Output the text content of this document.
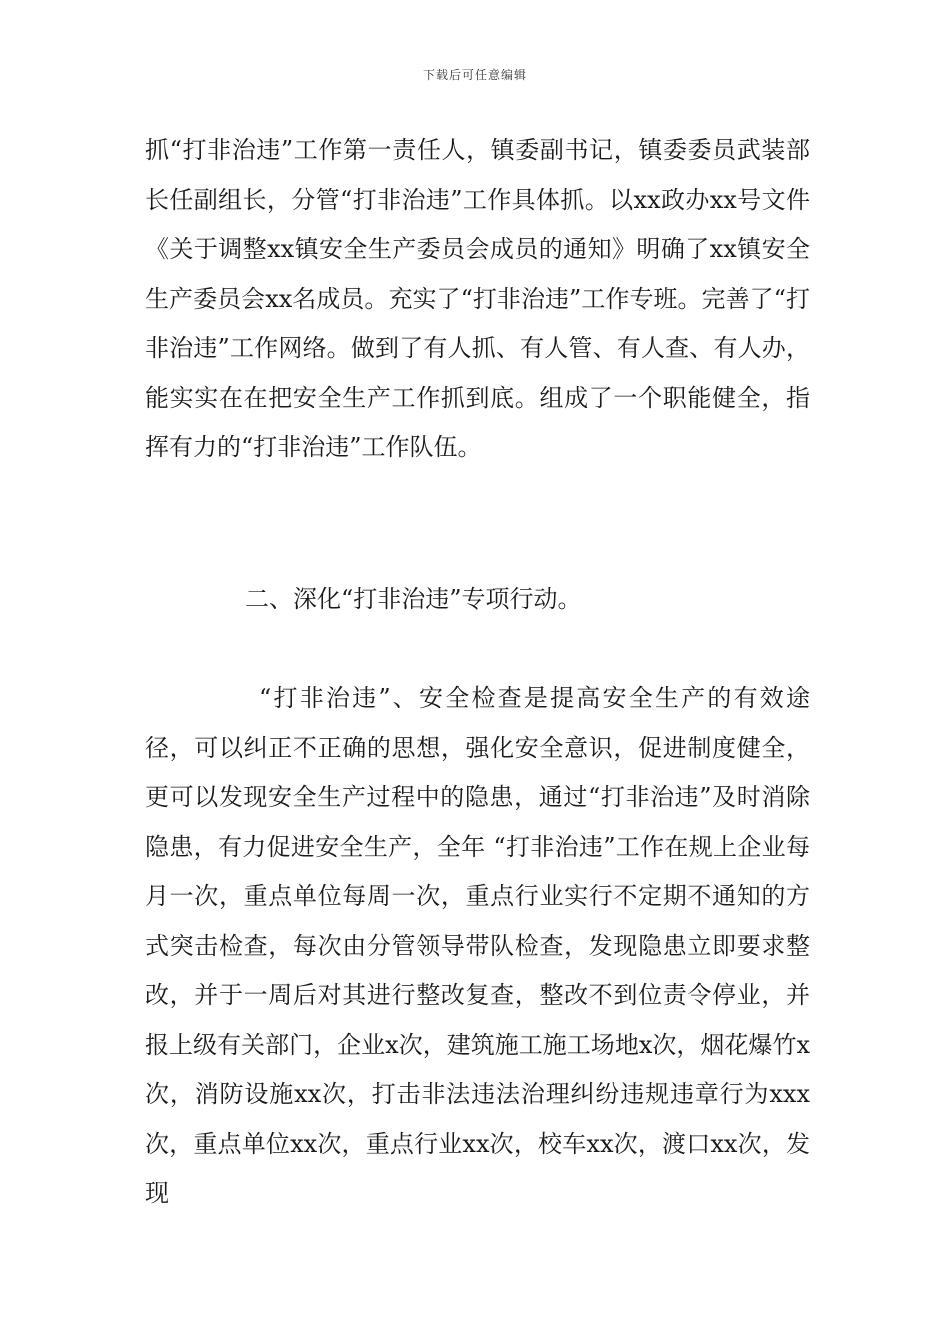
下载后可任意编辑

抓“打非治违”工作第一责任人，镇委副书记，镇委委员武装部长任副组长，分管“打非治违”工作具体抓。以xx政办xx号文件《关于调整xx镇安全生产委员会成员的通知》明确了xx镇安全生产委员会xx名成员。充实了“打非治违”工作专班。完善了“打非治违”工作网络。做到了有人抓、有人管、有人查、有人办，能实实在在把安全生产工作抓到底。组成了一个职能健全，指挥有力的“打非治违”工作队伍。

二、深化“打非治违”专项行动。

“打非治违”、安全检查是提高安全生产的有效途径，可以纠正不正确的思想，强化安全意识，促进制度健全，更可以发现安全生产过程中的隐患，通过“打非治违”及时消除隐患，有力促进安全生产，全年 “打非治违”工作在规上企业每月一次，重点单位每周一次，重点行业实行不定期不通知的方式突击检查，每次由分管领导带队检查，发现隐患立即要求整改，并于一周后对其进行整改复查，整改不到位责令停业，并报上级有关部门，企业x次，建筑施工施工场地x次，烟花爆竹x次，消防设施xx次，打击非法违法治理纠纷违规违章行为xxx次，重点单位xx次，重点行业xx次，校车xx次，渡口xx次，发现
